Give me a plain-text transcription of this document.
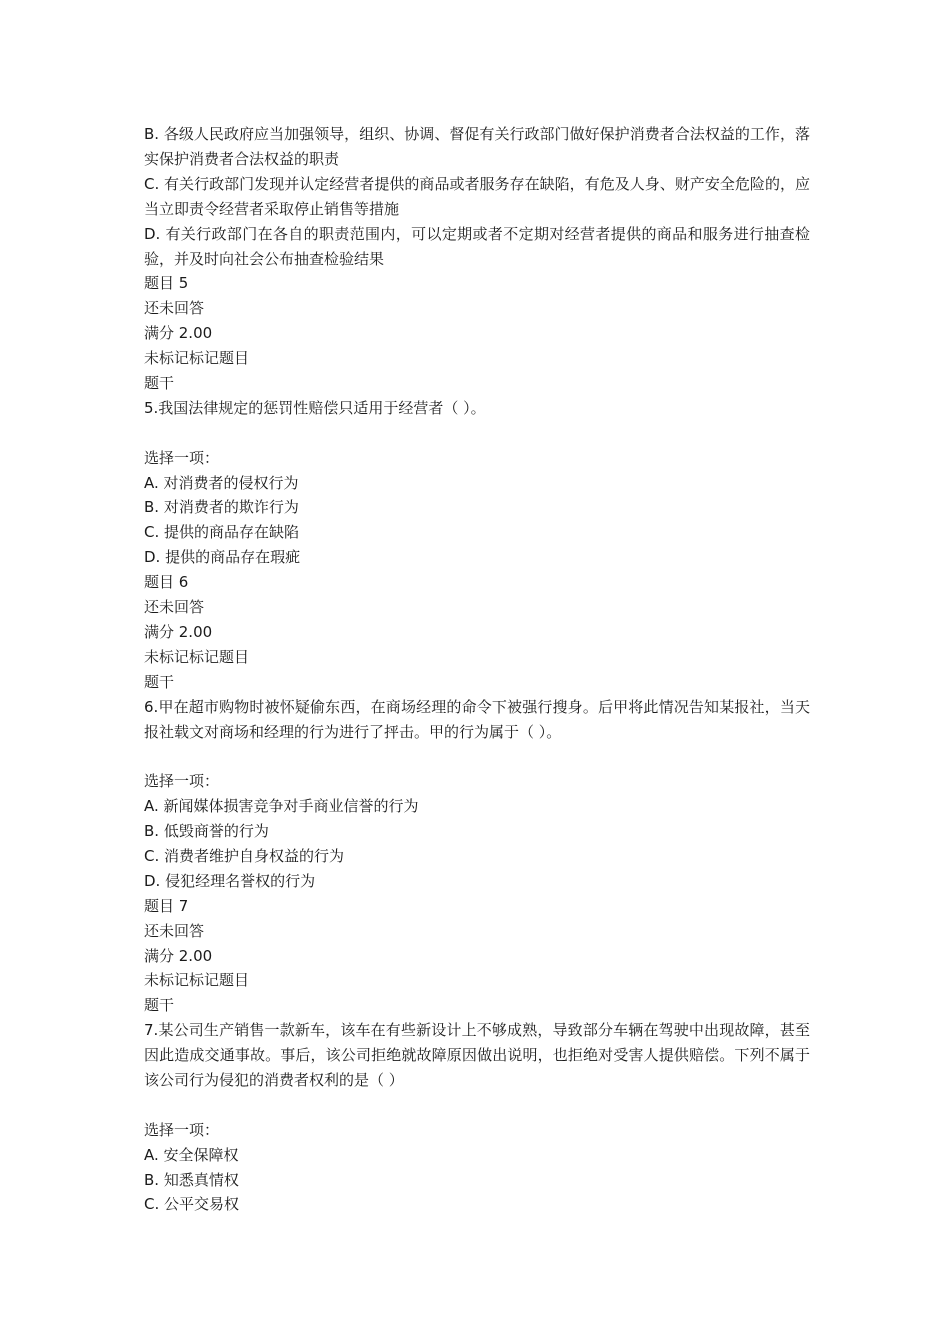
B. 各级人民政府应当加强领导，组织、协调、督促有关行政部门做好保护消费者合法权益的工作，落实保护消费者合法权益的职责
C. 有关行政部门发现并认定经营者提供的商品或者服务存在缺陷，有危及人身、财产安全危险的，应当立即责令经营者采取停止销售等措施
D. 有关行政部门在各自的职责范围内，可以定期或者不定期对经营者提供的商品和服务进行抽查检验，并及时向社会公布抽查检验结果
题目 5
还未回答
满分 2.00
未标记标记题目
题干
5.我国法律规定的惩罚性赔偿只适用于经营者（ ）。
选择一项：
A. 对消费者的侵权行为
B. 对消费者的欺诈行为
C. 提供的商品存在缺陷
D. 提供的商品存在瑕疵
题目 6
还未回答
满分 2.00
未标记标记题目
题干
6.甲在超市购物时被怀疑偷东西，在商场经理的命令下被强行搜身。后甲将此情况告知某报社，当天报社载文对商场和经理的行为进行了抨击。甲的行为属于（ ）。
选择一项：
A. 新闻媒体损害竞争对手商业信誉的行为
B. 低毁商誉的行为
C. 消费者维护自身权益的行为
D. 侵犯经理名誉权的行为
题目 7
还未回答
满分 2.00
未标记标记题目
题干
7.某公司生产销售一款新车，该车在有些新设计上不够成熟，导致部分车辆在驾驶中出现故障，甚至因此造成交通事故。事后，该公司拒绝就故障原因做出说明，也拒绝对受害人提供赔偿。下列不属于该公司行为侵犯的消费者权利的是（ ）
选择一项：
A. 安全保障权
B. 知悉真情权
C. 公平交易权
